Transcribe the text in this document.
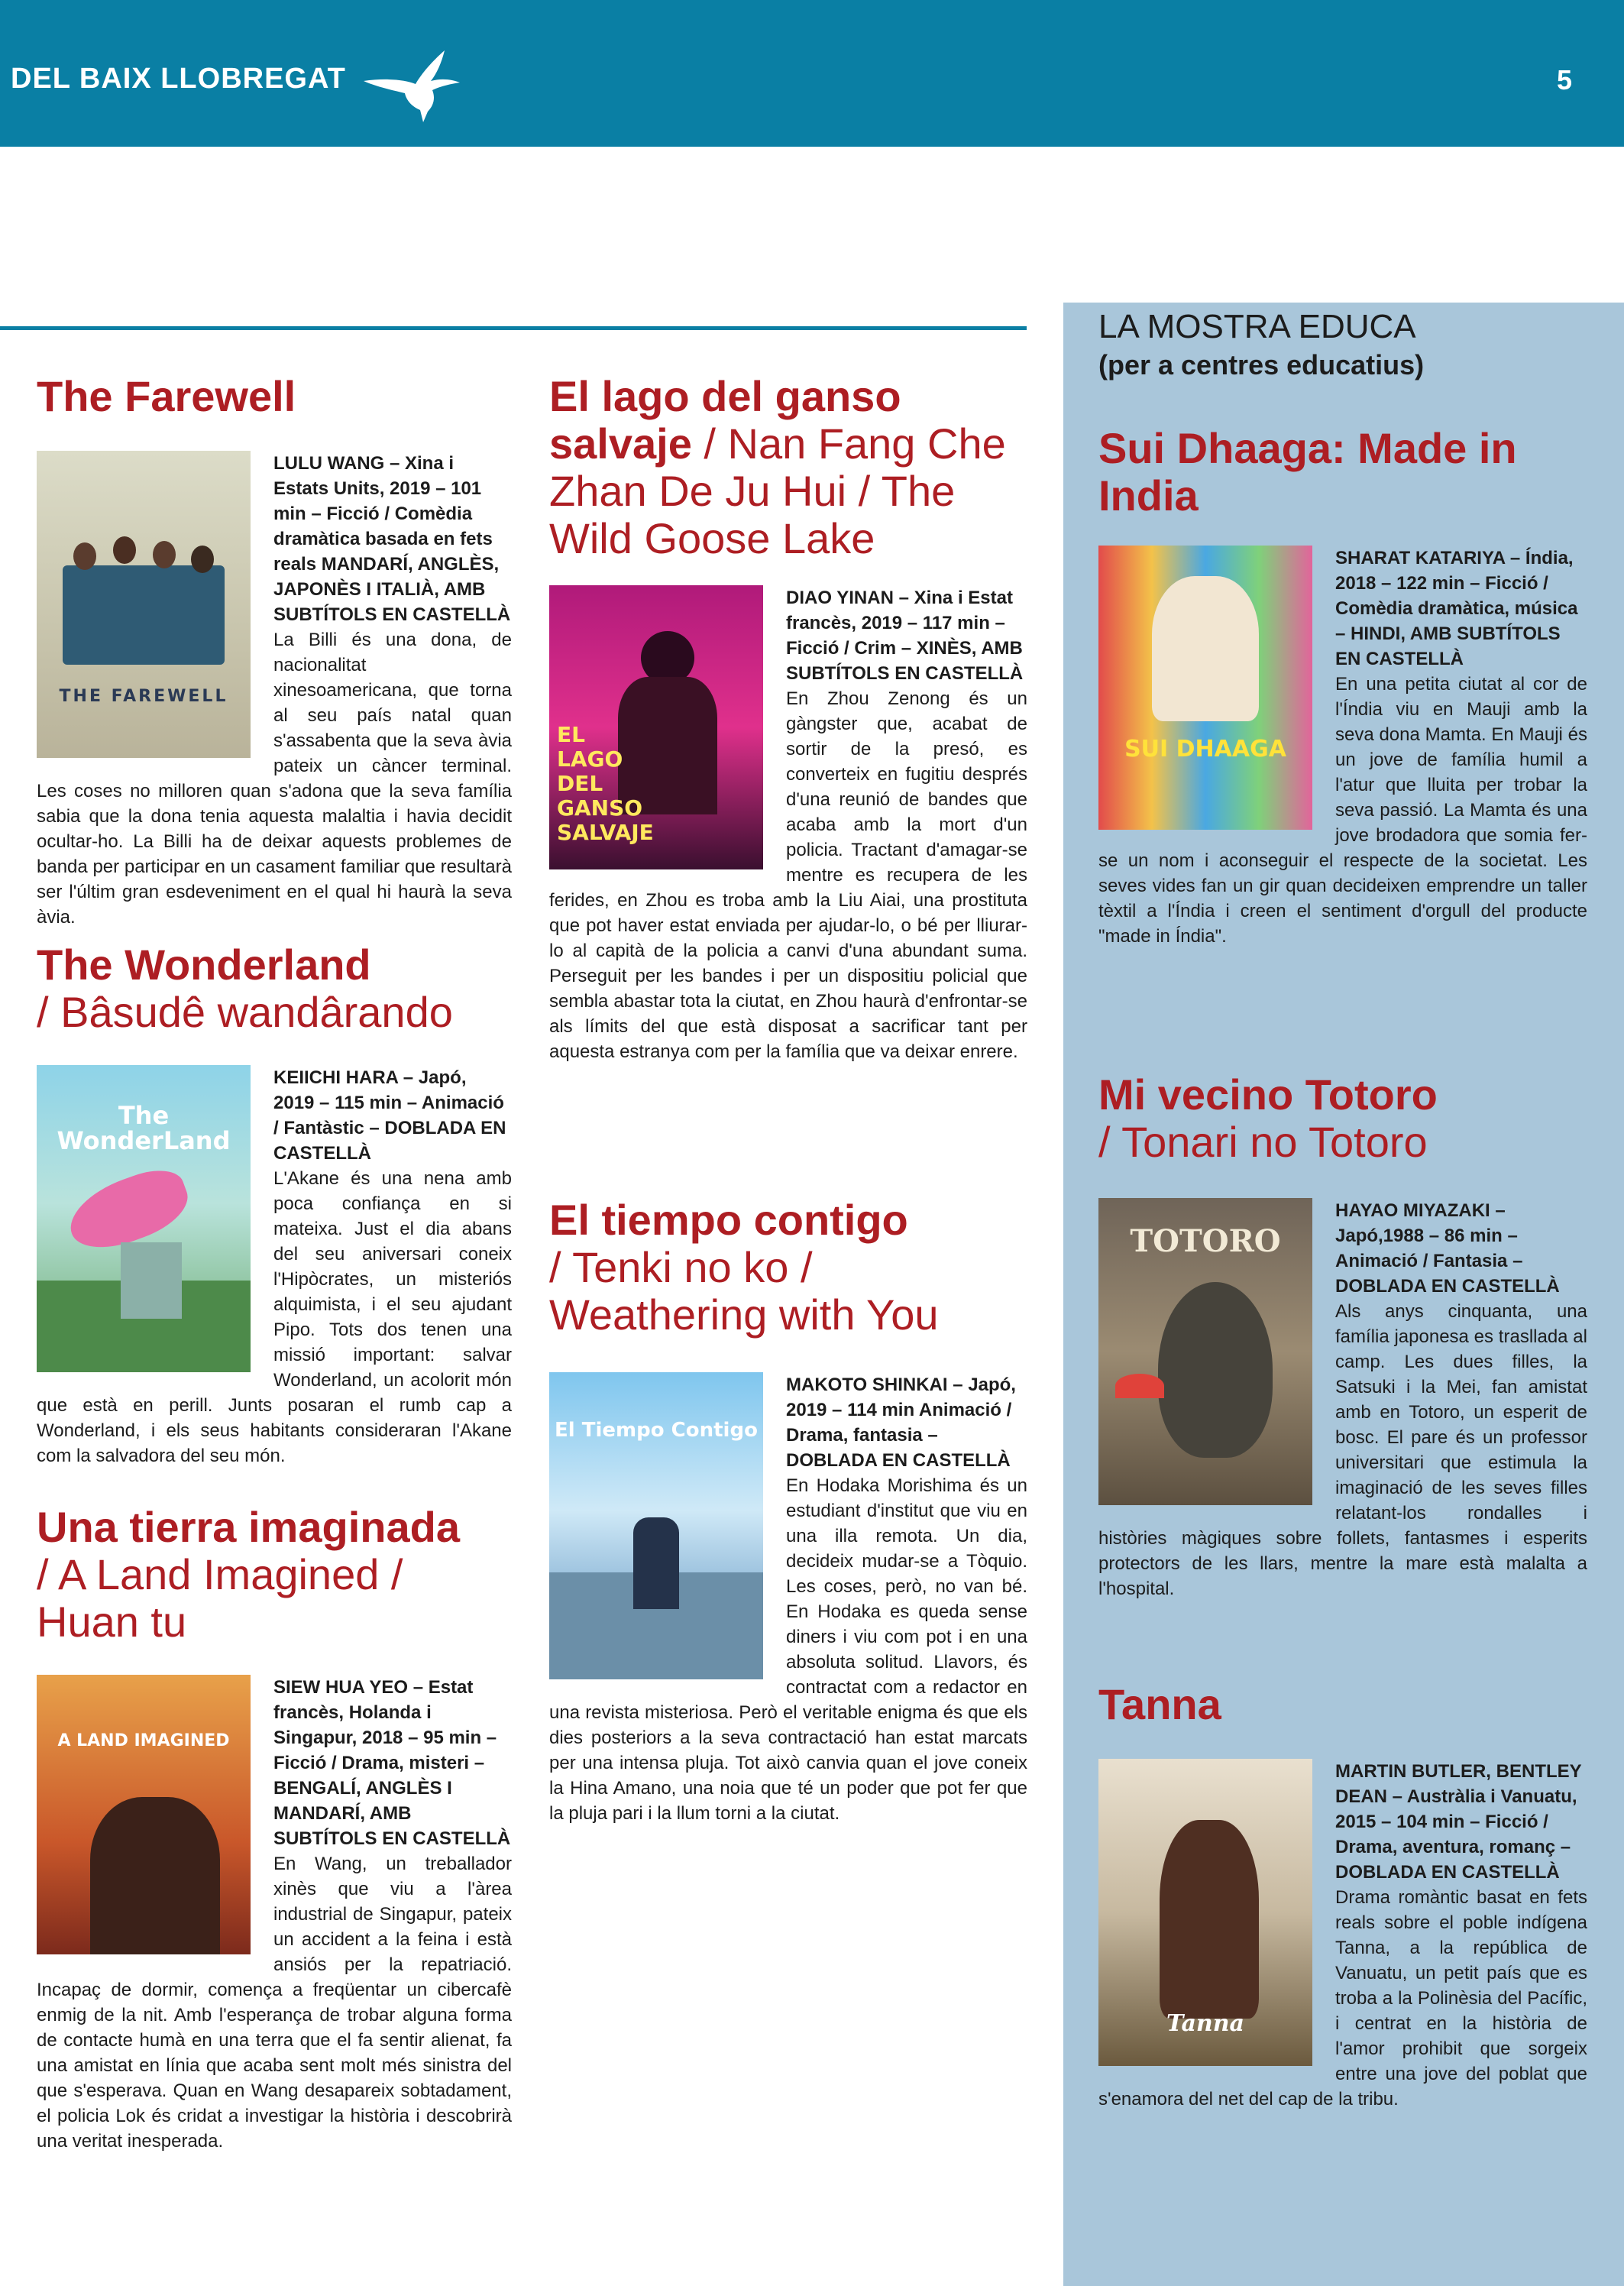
DEL BAIX LLOBREGAT	5
The Farewell
THE FAREWELL
LULU WANG – Xina i Estats Units, 2019 – 101 min – Ficció / Comèdia dramàtica basada en fets reals MANDARÍ, ANGLÈS, JAPONÈS I ITALIÀ, AMB SUBTÍTOLS EN CASTELLÀ

La Billi és una dona, de nacionalitat xinesoamericana, que torna al seu país natal quan s'assabenta que la seva àvia pateix un càncer terminal. Les coses no milloren quan s'adona que la seva família sabia que la dona tenia aquesta malaltia i havia decidit ocultar-ho. La Billi ha de deixar aquests problemes de banda per participar en un casament familiar que resultarà ser l'últim gran esdeveniment en el qual hi haurà la seva àvia.

The Wonderland
/ Bâsudê wandârando
The WonderLand
KEIICHI HARA – Japó, 2019 – 115 min – Animació / Fantàstic – DOBLADA EN CASTELLÀ

L'Akane és una nena amb poca confiança en si mateixa. Just el dia abans del seu aniversari coneix l'Hipòcrates, un misteriós alquimista, i el seu ajudant Pipo. Tots dos tenen una missió important: salvar Wonderland, un acolorit món que està en perill. Junts posaran el rumb cap a Wonderland, i els seus habitants consideraran l'Akane com la salvadora del seu món.

Una tierra imaginada
/ A Land Imagined / Huan tu
A LAND IMAGINED
SIEW HUA YEO – Estat francès, Holanda i Singapur, 2018 – 95 min – Ficció / Drama, misteri – BENGALÍ, ANGLÈS I MANDARÍ, AMB SUBTÍTOLS EN CASTELLÀ

En Wang, un treballador xinès que viu a l'àrea industrial de Singapur, pateix un accident a la feina i està ansiós per la repatriació. Incapaç de dormir, comença a freqüentar un cibercafè enmig de la nit. Amb l'esperança de trobar alguna forma de contacte humà en una terra que el fa sentir alienat, fa una amistat en línia que acaba sent molt més sinistra del que s'esperava. Quan en Wang desapareix sobtadament, el policia Lok és cridat a investigar la història i descobrirà una veritat inesperada.

El lago del ganso salvaje / Nan Fang Che Zhan De Ju Hui / The Wild Goose Lake
EL LAGO DEL GANSO SALVAJE
DIAO YINAN – Xina i Estat francès, 2019 – 117 min – Ficció / Crim – XINÈS, AMB SUBTÍTOLS EN CASTELLÀ

En Zhou Zenong és un gàngster que, acabat de sortir de la presó, es converteix en fugitiu després d'una reunió de bandes que acaba amb la mort d'un policia. Tractant d'amagar-se mentre es recupera de les ferides, en Zhou es troba amb la Liu Aiai, una prostituta que pot haver estat enviada per ajudar-lo, o bé per lliurar-lo al capità de la policia a canvi d'una abundant suma. Perseguit per les bandes i per un dispositiu policial que sembla abastar tota la ciutat, en Zhou haurà d'enfrontar-se als límits del que està disposat a sacrificar tant per aquesta estranya com per la família que va deixar enrere.

El tiempo contigo
/ Tenki no ko / Weathering with You
El Tiempo Contigo
MAKOTO SHINKAI – Japó, 2019 – 114 min Animació / Drama, fantasia – DOBLADA EN CASTELLÀ

En Hodaka Morishima és un estudiant d'institut que viu en una illa remota. Un dia, decideix mudar-se a Tòquio. Les coses, però, no van bé. En Hodaka es queda sense diners i viu com pot i en una absoluta solitud. Llavors, és contractat com a redactor en una revista misteriosa. Però el veritable enigma és que els dies posteriors a la seva contractació han estat marcats per una intensa pluja. Tot això canvia quan el jove coneix la Hina Amano, una noia que té un poder que pot fer que la pluja pari i la llum torni a la ciutat.

LA MOSTRA EDUCA

(per a centres educatius)

Sui Dhaaga: Made in India
SUI DHAAGA
SHARAT KATARIYA – Índia, 2018 – 122 min – Ficció / Comèdia dramàtica, música – HINDI, AMB SUBTÍTOLS EN CASTELLÀ

En una petita ciutat al cor de l'Índia viu en Mauji amb la seva dona Mamta. En Mauji és un jove de família humil a l'atur que lluita per trobar la seva passió. La Mamta és una jove brodadora que somia fer-se un nom i aconseguir el respecte de la societat. Les seves vides fan un gir quan decideixen emprendre un taller tèxtil a l'Índia i creen el sentiment d'orgull del producte "made in Índia".

Mi vecino Totoro
/ Tonari no Totoro
TOTORO
HAYAO MIYAZAKI – Japó,1988 – 86 min – Animació / Fantasia – DOBLADA EN CASTELLÀ

Als anys cinquanta, una família japonesa es trasllada al camp. Les dues filles, la Satsuki i la Mei, fan amistat amb en Totoro, un esperit de bosc. El pare és un professor universitari que estimula la imaginació de les seves filles relatant-los rondalles i històries màgiques sobre follets, fantasmes i esperits protectors de les llars, mentre la mare està malalta a l'hospital.

Tanna
Tanna
MARTIN BUTLER, BENTLEY DEAN – Austràlia i Vanuatu, 2015 – 104 min – Ficció / Drama, aventura, romanç – DOBLADA EN CASTELLÀ

Drama romàntic basat en fets reals sobre el poble indígena Tanna, a la república de Vanuatu, un petit país que es troba a la Polinèsia del Pacífic, i centrat en la història de l'amor prohibit que sorgeix entre una jove del poblat que s'enamora del net del cap de la tribu.
